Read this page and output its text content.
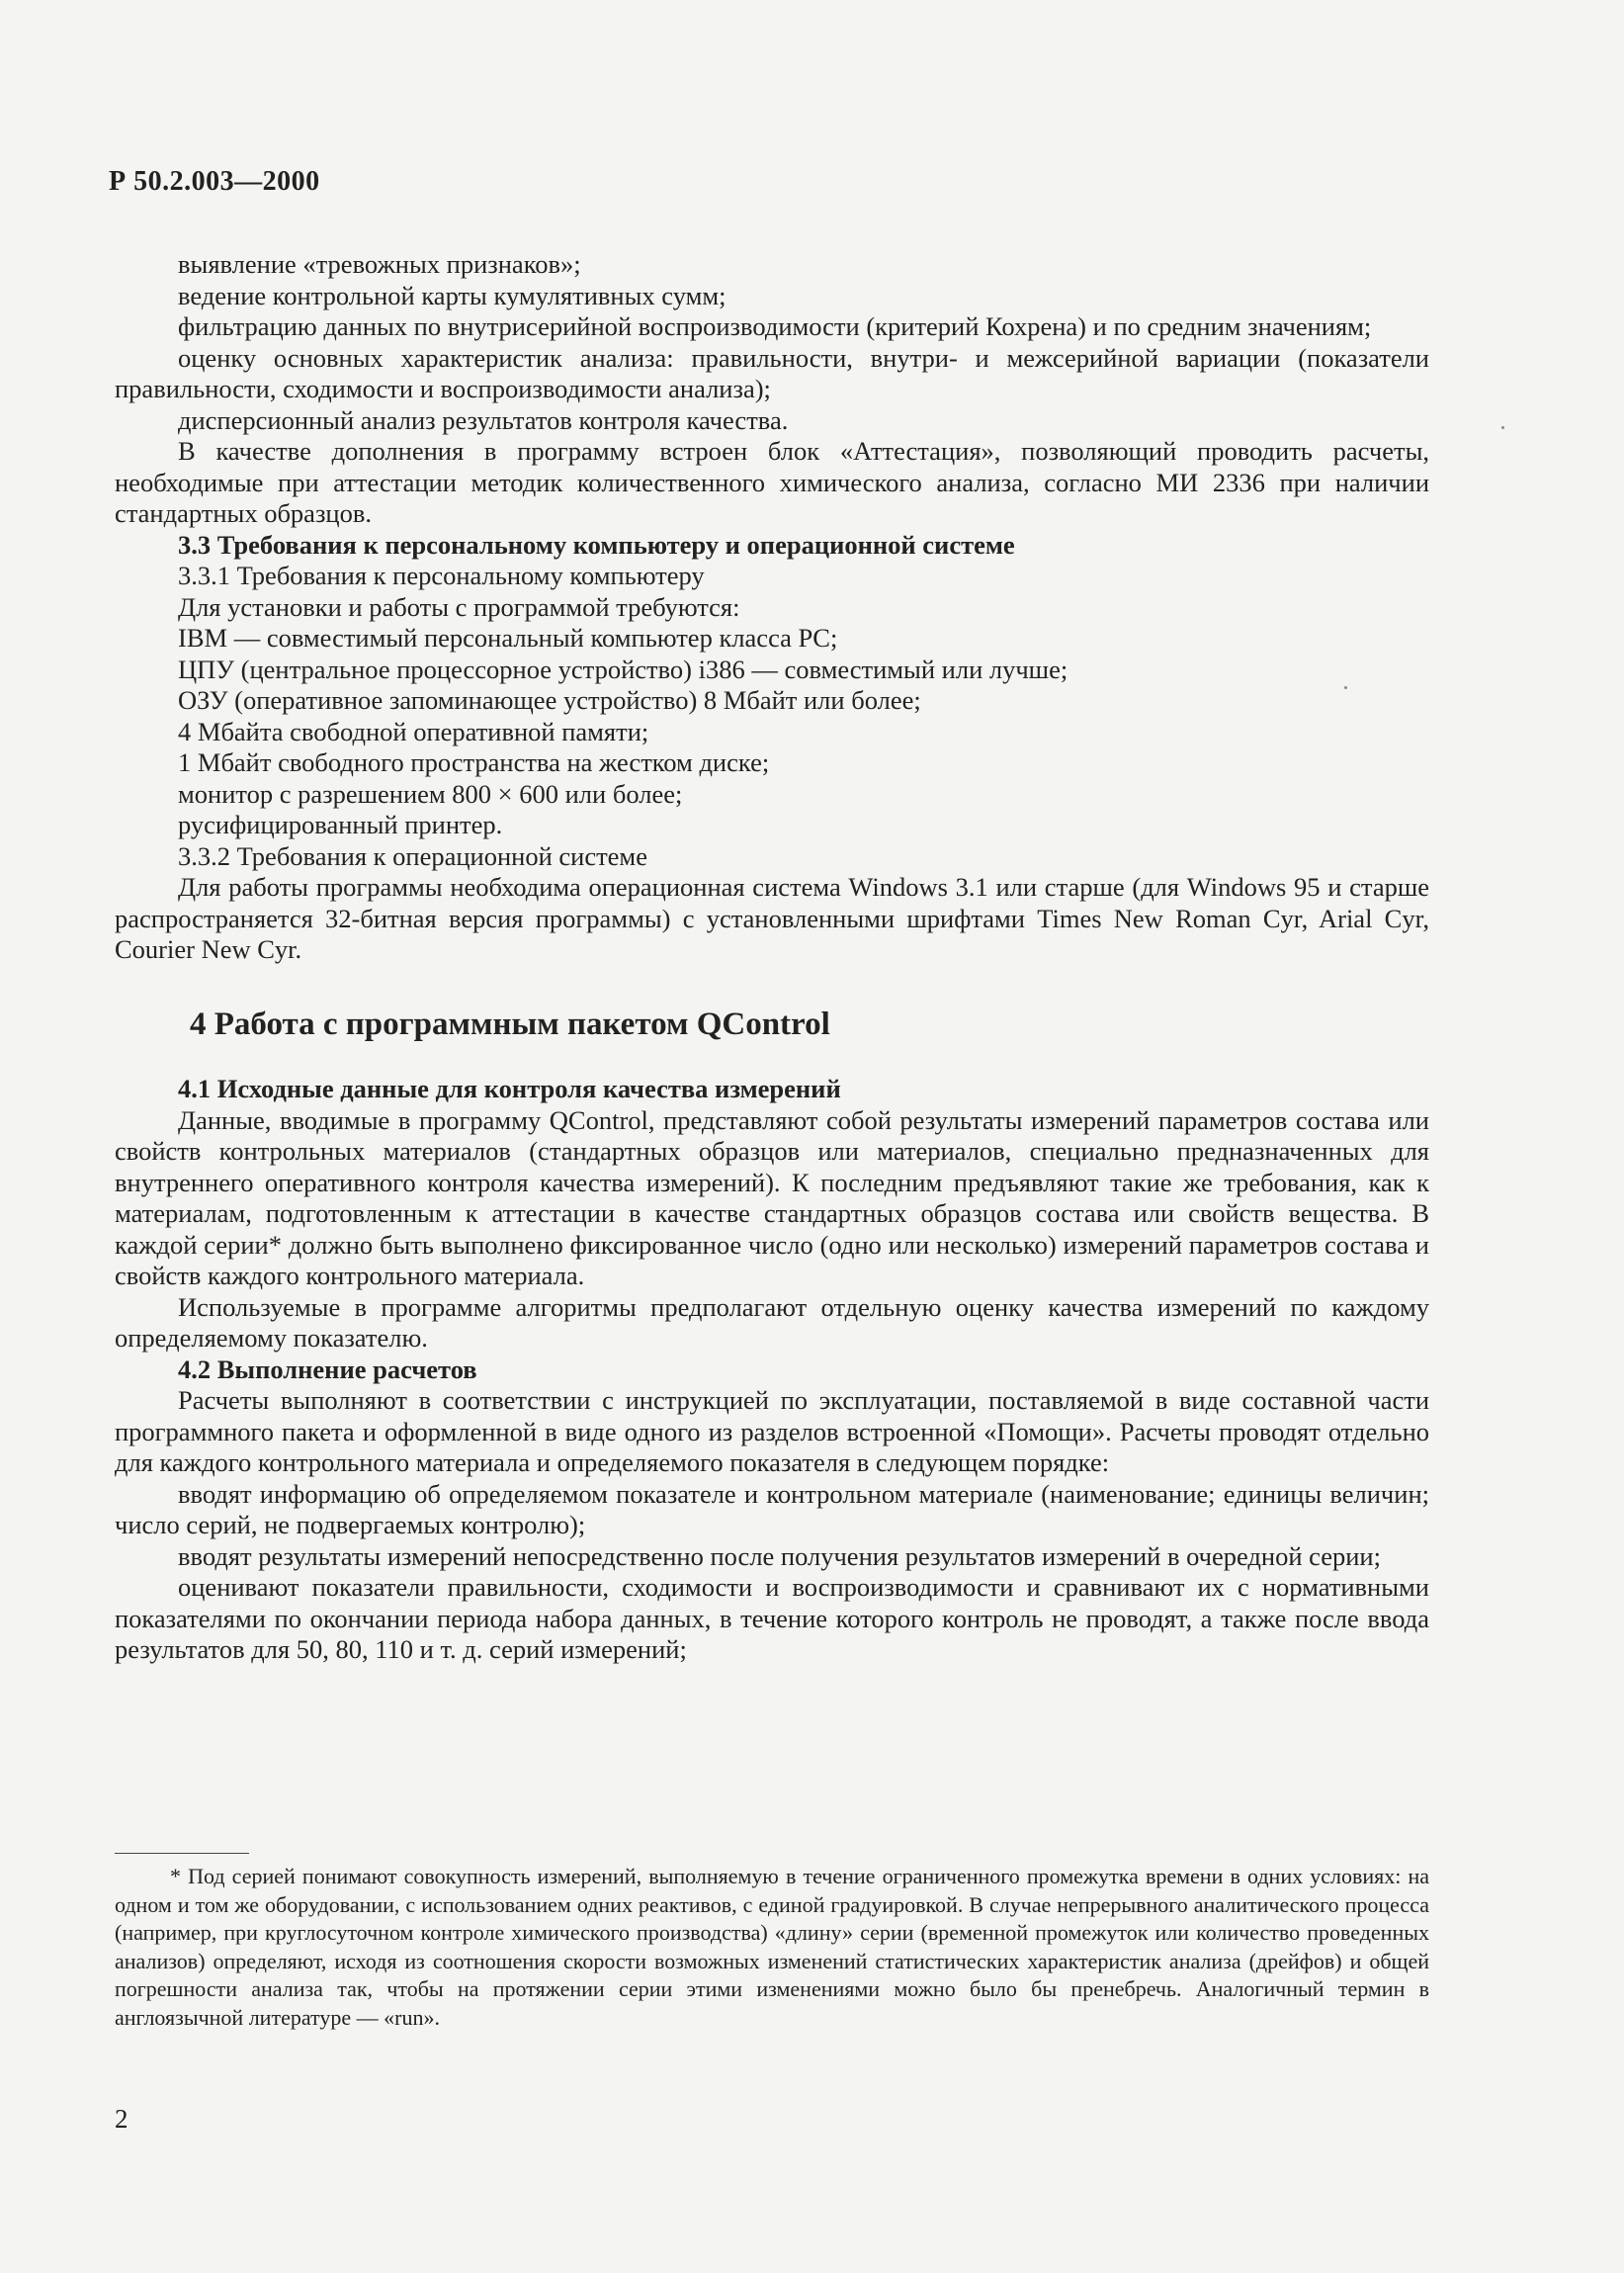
Р 50.2.003—2000

выявление «тревожных признаков»;

ведение контрольной карты кумулятивных сумм;

фильтрацию данных по внутрисерийной воспроизводимости (критерий Кохрена) и по средним значениям;

оценку основных характеристик анализа: правильности, внутри- и межсерийной вариации (показатели правильности, сходимости и воспроизводимости анализа);

дисперсионный анализ результатов контроля качества.

В качестве дополнения в программу встроен блок «Аттестация», позволяющий проводить расчеты, необходимые при аттестации методик количественного химического анализа, согласно МИ 2336 при наличии стандартных образцов.

3.3 Требования к персональному компьютеру и операционной системе

3.3.1 Требования к персональному компьютеру

Для установки и работы с программой требуются:

IBM — совместимый персональный компьютер класса PC;

ЦПУ (центральное процессорное устройство) i386 — совместимый или лучше;

ОЗУ (оперативное запоминающее устройство) 8 Мбайт или более;

4 Мбайта свободной оперативной памяти;

1 Мбайт свободного пространства на жестком диске;

монитор с разрешением 800 × 600 или более;

русифицированный принтер.

3.3.2 Требования к операционной системе

Для работы программы необходима операционная система Windows 3.1 или старше (для Windows 95 и старше распространяется 32-битная версия программы) с установленными шрифтами Times New Roman Cyr, Arial Cyr, Courier New Cyr.

4 Работа с программным пакетом QControl

4.1 Исходные данные для контроля качества измерений

Данные, вводимые в программу QControl, представляют собой результаты измерений параметров состава или свойств контрольных материалов (стандартных образцов или материалов, специально предназначенных для внутреннего оперативного контроля качества измерений). К последним предъявляют такие же требования, как к материалам, подготовленным к аттестации в качестве стандартных образцов состава или свойств вещества. В каждой серии* должно быть выполнено фиксированное число (одно или несколько) измерений параметров состава и свойств каждого контрольного материала.

Используемые в программе алгоритмы предполагают отдельную оценку качества измерений по каждому определяемому показателю.

4.2 Выполнение расчетов

Расчеты выполняют в соответствии с инструкцией по эксплуатации, поставляемой в виде составной части программного пакета и оформленной в виде одного из разделов встроенной «Помощи». Расчеты проводят отдельно для каждого контрольного материала и определяемого показателя в следующем порядке:

вводят информацию об определяемом показателе и контрольном материале (наименование; единицы величин; число серий, не подвергаемых контролю);

вводят результаты измерений непосредственно после получения результатов измерений в очередной серии;

оценивают показатели правильности, сходимости и воспроизводимости и сравнивают их с нормативными показателями по окончании периода набора данных, в течение которого контроль не проводят, а также после ввода результатов для 50, 80, 110 и т. д. серий измерений;

* Под серией понимают совокупность измерений, выполняемую в течение ограниченного промежутка времени в одних условиях: на одном и том же оборудовании, с использованием одних реактивов, с единой градуировкой. В случае непрерывного аналитического процесса (например, при круглосуточном контроле химического производства) «длину» серии (временной промежуток или количество проведенных анализов) определяют, исходя из соотношения скорости возможных изменений статистических характеристик анализа (дрейфов) и общей погрешности анализа так, чтобы на протяжении серии этими изменениями можно было бы пренебречь. Аналогичный термин в англоязычной литературе — «run».

2
